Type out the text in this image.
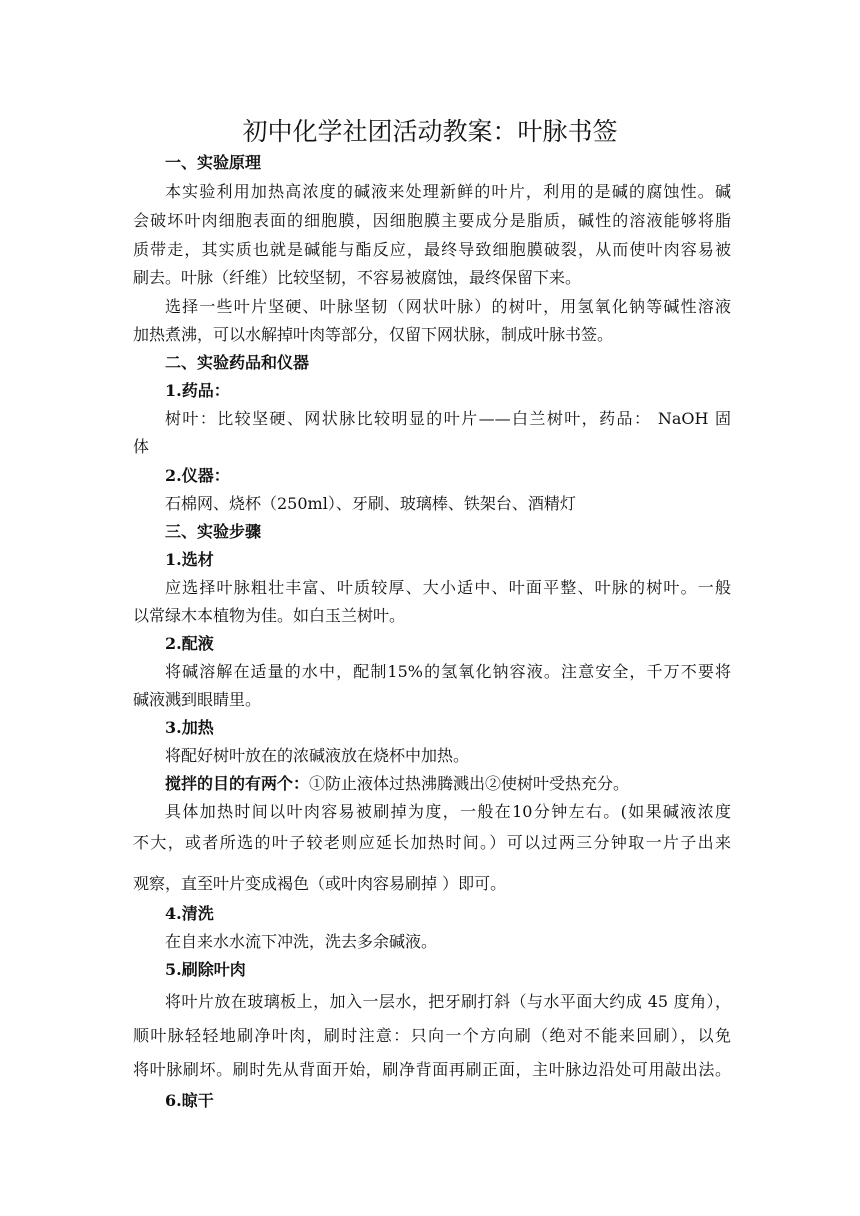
初中化学社团活动教案：叶脉书签
一、实验原理
本实验利用加热高浓度的碱液来处理新鲜的叶片，利用的是碱的腐蚀性。碱
会破坏叶肉细胞表面的细胞膜，因细胞膜主要成分是脂质，碱性的溶液能够将脂
质带走，其实质也就是碱能与酯反应，最终导致细胞膜破裂，从而使叶肉容易被
刷去。叶脉（纤维）比较坚韧，不容易被腐蚀，最终保留下来。
选择一些叶片坚硬、叶脉坚韧（网状叶脉）的树叶，用氢氧化钠等碱性溶液
加热煮沸，可以水解掉叶肉等部分，仅留下网状脉，制成叶脉书签。
二、实验药品和仪器
1.药品：
树叶：比较坚硬、网状脉比较明显的叶片——白兰树叶，药品： NaOH 固
体
2.仪器：
石棉网、烧杯（250ml）、牙刷、玻璃棒、铁架台、酒精灯
三、实验步骤
1.选材
应选择叶脉粗壮丰富、叶质较厚、大小适中、叶面平整、叶脉的树叶。一般
以常绿木本植物为佳。如白玉兰树叶。
2.配液
将碱溶解在适量的水中，配制15%的氢氧化钠容液。注意安全，千万不要将
碱液溅到眼睛里。
3.加热
将配好树叶放在的浓碱液放在烧杯中加热。
搅拌的目的有两个：①防止液体过热沸腾溅出②使树叶受热充分。
具体加热时间以叶肉容易被刷掉为度，一般在10分钟左右。(如果碱液浓度
不大，或者所选的叶子较老则应延长加热时间。）可以过两三分钟取一片子出来
观察，直至叶片变成褐色（或叶肉容易刷掉 ）即可。
4.清洗
在自来水水流下冲洗，洗去多余碱液。
5.刷除叶肉
将叶片放在玻璃板上，加入一层水，把牙刷打斜（与水平面大约成 45 度角），
顺叶脉轻轻地刷净叶肉，刷时注意：只向一个方向刷（绝对不能来回刷），以免
将叶脉刷坏。刷时先从背面开始，刷净背面再刷正面，主叶脉边沿处可用敲出法。
6.晾干
